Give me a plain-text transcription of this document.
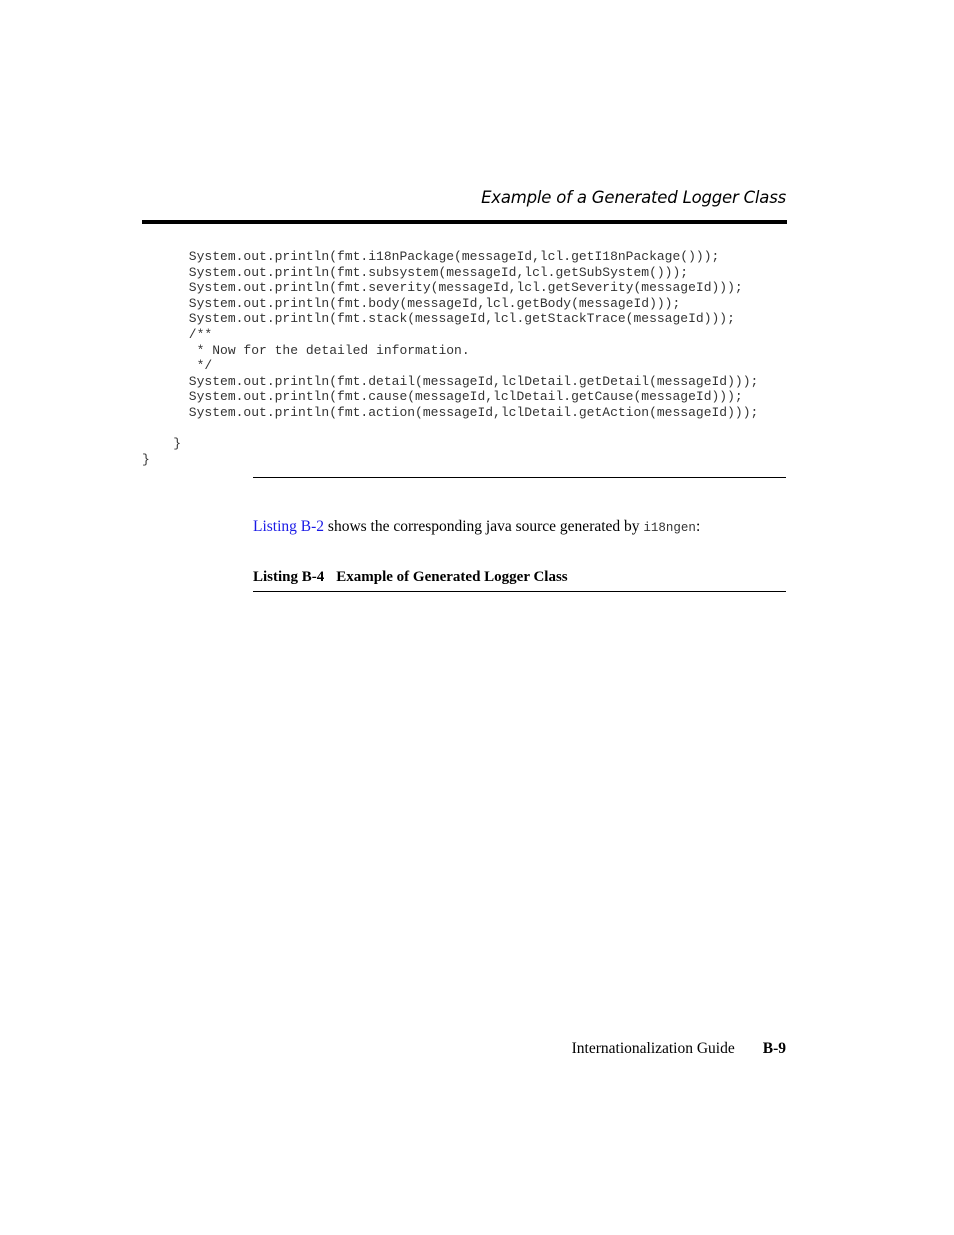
Example of a Generated Logger Class
System.out.println(fmt.i18nPackage(messageId,lcl.getI18nPackage()));
System.out.println(fmt.subsystem(messageId,lcl.getSubSystem()));
System.out.println(fmt.severity(messageId,lcl.getSeverity(messageId)));
System.out.println(fmt.body(messageId,lcl.getBody(messageId)));
System.out.println(fmt.stack(messageId,lcl.getStackTrace(messageId)));
/**
* Now for the detailed information.
*/
System.out.println(fmt.detail(messageId,lclDetail.getDetail(messageId)));
System.out.println(fmt.cause(messageId,lclDetail.getCause(messageId)));
System.out.println(fmt.action(messageId,lclDetail.getAction(messageId)));
}
}

Listing B-2 shows the corresponding java source generated by i18ngen:

Listing B-4 Example of Generated Logger Class
Internationalization Guide B-9
